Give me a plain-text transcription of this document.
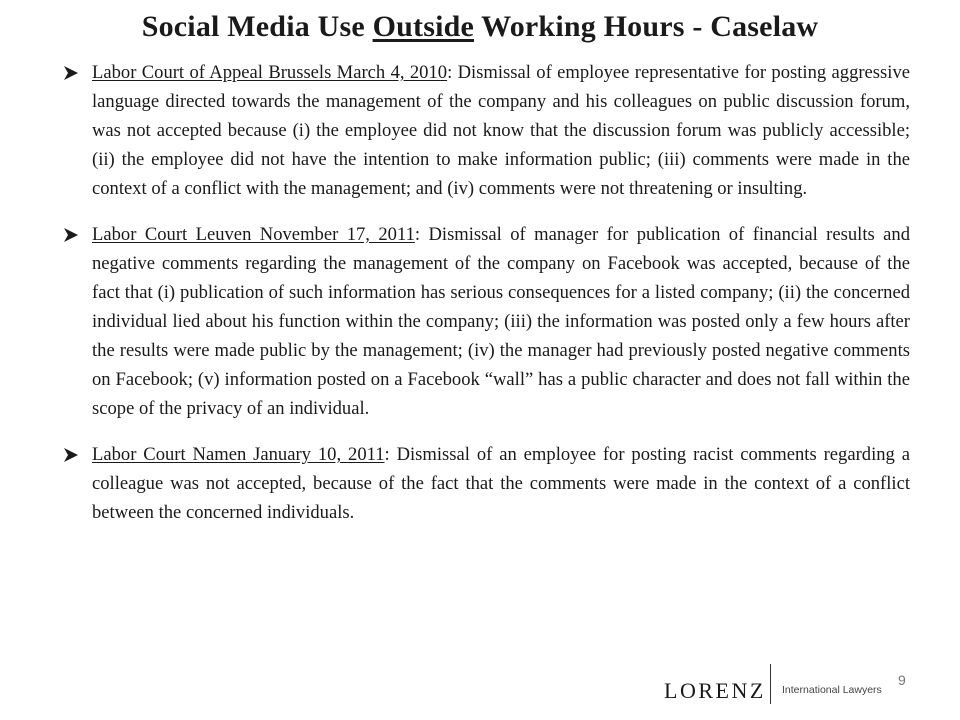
Social Media Use Outside Working Hours - Caselaw
Labor Court of Appeal Brussels March 4, 2010: Dismissal of employee representative for posting aggressive language directed towards the management of the company and his colleagues on public discussion forum, was not accepted because (i) the employee did not know that the discussion forum was publicly accessible; (ii) the employee did not have the intention to make information public; (iii) comments were made in the context of a conflict with the management; and (iv) comments were not threatening or insulting.
Labor Court Leuven November 17, 2011: Dismissal of manager for publication of financial results and negative comments regarding the management of the company on Facebook was accepted, because of the fact that (i) publication of such information has serious consequences for a listed company; (ii) the concerned individual lied about his function within the company; (iii) the information was posted only a few hours after the results were made public by the management; (iv) the manager had previously posted negative comments on Facebook; (v) information posted on a Facebook “wall” has a public character and does not fall within the scope of the privacy of an individual.
Labor Court Namen January 10, 2011: Dismissal of an employee for posting racist comments regarding a colleague was not accepted, because of the fact that the comments were made in the context of a conflict between the concerned individuals.
LORENZ International Lawyers
9
